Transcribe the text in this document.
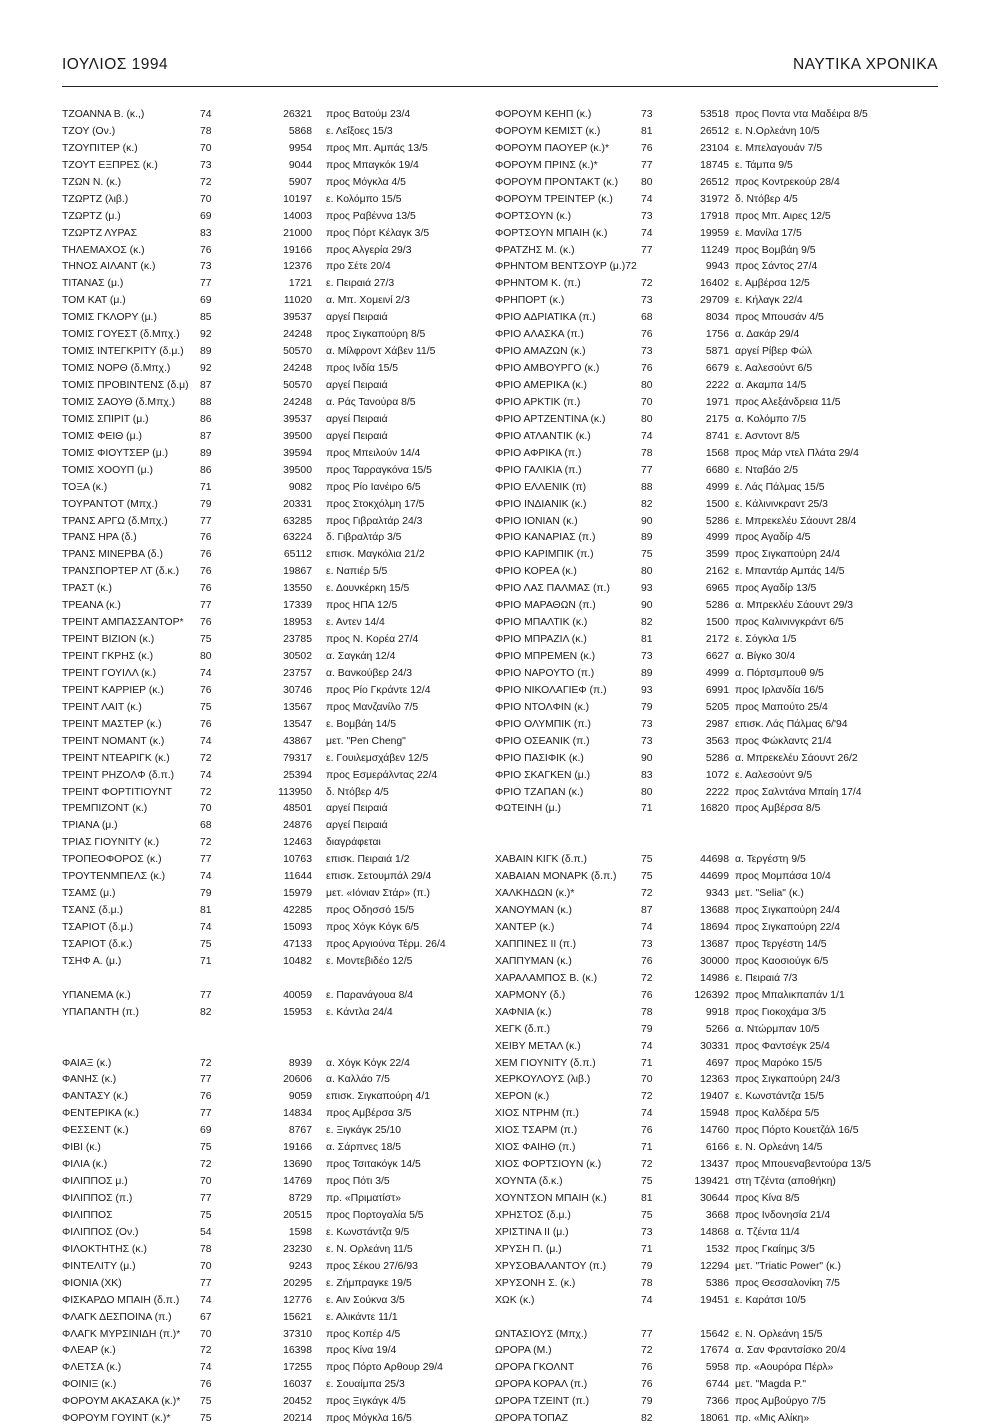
ΙΟΥΛΙΟΣ 1994	ΝΑΥΤΙΚΑ ΧΡΟΝΙΚΑ
ΤΖΟΑΝΝΑ Β. (κ.,)	74	26321 προς Βατούμ 23/4
ΤΖΟΥ (Ον.)	78	5868 ε. Λεΐξοες 15/3
ΤΖΟΥΠΙΤΕΡ (κ.)	70	9954 προς Μπ. Αμπάς 13/5
ΤΖΟΥΤ ΕΞΠΡΕΣ (κ.)	73	9044 προς Μπαγκόκ 19/4
ΤΖΩΝ Ν. (κ.)	72	5907 προς Μόγκλα 4/5
ΤΖΩΡΤΖ (λιβ.)	70	10197 ε. Κολόμπο 15/5
ΤΖΩΡΤΖ (μ.)	69	14003 προς Ραβέννα 13/5
ΤΖΩΡΤΖ ΛΥΡΑΣ	83	21000 προς Πόρτ Κέλαγκ 3/5
ΤΗΛΕΜΑΧΟΣ (κ.)	76	19166 προς Αλγερία 29/3
ΤΗΝΟΣ ΑΙΛΑΝΤ (κ.)	73	12376 προ Σέτε 20/4
ΤΙΤΑΝΑΣ (μ.)	77	1721 ε. Πειραιά 27/3
ΤΟΜ ΚΑΤ (μ.)	69	11020 α. Μπ. Χομεινί 2/3
ΤΟΜΙΣ ΓΚΛΟΡΥ (μ.)	85	39537 αργεί Πειραιά
ΤΟΜΙΣ ΓΟΥΕΣΤ (δ.Μπχ.) 92	24248 προς Σιγκαπούρη 8/5
ΤΟΜΙΣ ΙΝΤΕΓΚΡΙΤΥ (δ.μ.) 89	50570 α. Μίλφροντ Χάβεν 11/5
ΤΟΜΙΣ ΝΟΡΘ (δ.Μπχ.)	92	24248 προς Ινδία 15/5
ΤΟΜΙΣ ΠΡΟΒΙΝΤΕΝΣ (δ.μ) 87	50570 αργεί Πειραιά
ΤΟΜΙΣ ΣΑΟΥΘ (δ.Μπχ.) 88	24248 α. Ράς Τανούρα 8/5
ΤΟΜΙΣ ΣΠΙΡΙΤ (μ.)	86	39537 αργεί Πειραιά
ΤΟΜΙΣ ΦΕΙΘ (μ.)	87	39500 αργεί Πειραιά
ΤΟΜΙΣ ΦΙΟΥΤΣΕΡ (μ.)	89	39594 προς Μπειλούν 14/4
ΤΟΜΙΣ ΧΟΟΥΠ (μ.)	86	39500 προς Ταρραγκόνα 15/5
ΤΟΞΑ (κ.)	71	9082 προς Ρίο Ιανέιρο 6/5
ΤΟΥΡΑΝΤΟΤ (Μπχ.)	79	20331 προς Στοκχόλμη 17/5
ΤΡΑΝΣ ΑΡΓΩ (δ.Μπχ.)	77	63285 προς Γιβραλτάρ 24/3
ΤΡΑΝΣ ΗΡΑ (δ.)	76	63224 δ. Γιβραλτάρ 3/5
ΤΡΑΝΣ ΜΙΝΕΡΒΑ (δ.)	76	65112 επισκ. Μαγκόλια 21/2
ΤΡΑΝΣΠΟΡΤΕΡ ΛΤ (δ.κ.) 76	19867 ε. Ναπιέρ 5/5
ΤΡΑΣΤ (κ.)	76	13550 ε. Δουνκέρκη 15/5
ΤΡΕΑΝΑ (κ.)	77	17339 προς ΗΠΑ 12/5
ΤΡΕΙΝΤ ΑΜΠΑΣΣΑΝΤΟΡ* 76	18953 ε. Αντεν 14/4
ΤΡΕΙΝΤ ΒΙΖΙΟΝ (κ.)	75	23785 προς Ν. Κορέα 27/4
ΤΡΕΙΝΤ ΓΚΡΗΣ (κ.)	80	30502 α. Σαγκάη 12/4
ΤΡΕΙΝΤ ΓΟΥΙΛΛ (κ.)	74	23757 α. Βανκούβερ 24/3
ΤΡΕΙΝΤ ΚΑΡΡΙΕΡ (κ.)	76	30746 προς Ρίο Γκράντε 12/4
ΤΡΕΙΝΤ ΛΑΙΤ (κ.)	75	13567 προς Μανζανίλο 7/5
ΤΡΕΙΝΤ ΜΑΣΤΕΡ (κ.)	76	13547 ε. Βομβάη 14/5
ΤΡΕΙΝΤ ΝΟΜΑΝΤ (κ.)	74	43867 μετ. "Pen Cheng"
ΤΡΕΙΝΤ ΝΤΕΑΡΙΓΚ (κ.)	72	79317 ε. Γουιλεμσχάβεν 12/5
ΤΡΕΙΝΤ ΡΗΖΟΛΦ (δ.π.) 74	25394 προς Εσμεράλντας 22/4
ΤΡΕΙΝΤ ΦΟΡΤΙΤΙΟΥΝΤ	72	113950 δ. Ντόβερ 4/5
ΤΡΕΜΠΙΖΟΝΤ (κ.)	70	48501 αργεί Πειραιά
ΤΡΙΑΝΑ (μ.)	68	24876 αργεί Πειραιά
ΤΡΙΑΣ ΓΙΟΥΝΙΤΥ (κ.)	72	12463 διαγράφεται
ΤΡΟΠΕΟΦΟΡΟΣ (κ.)	77	10763 επισκ. Πειραιά 1/2
ΤΡΟΥΤΕΝΜΠΕΛΣ (κ.)	74	11644 επισκ. Σετουμπάλ 29/4
ΤΣΑΜΣ (μ.)	79	15979 μετ. «Ιόνιαν Στάρ» (π.)
ΤΣΑΝΣ (δ.μ.)	81	42285 προς Οδησσό 15/5
ΤΣΑΡΙΟΤ (δ.μ.)	74	15093 προς Χόγκ Κόγκ 6/5
ΤΣΑΡΙΟΤ (δ.κ.)	75	47133 προς Αργιούνα Τέρμ. 26/4
ΤΣΗΦ Α. (μ.)	71	10482 ε. Μοντεβιδέο 12/5
ΥΠΑΝΕΜΑ (κ.)	77	40059 ε. Παρανάγουα 8/4
ΥΠΑΠΑΝΤΗ (π.)	82	15953 ε. Κάντλα 24/4
ΦΑΙΑΞ (κ.)	72	8939 α. Χόγκ Κόγκ 22/4
ΦΑΝΗΣ (κ.)	77	20606 α. Καλλάο 7/5
ΦΑΝΤΑΣΥ (κ.)	76	9059 επισκ. Σιγκαπούρη 4/1
ΦΕΝΤΕΡΙΚΑ (κ.)	77	14834 προς Αμβέρσα 3/5
ΦΕΣΣΕΝΤ (κ.)	69	8767 ε. Ξιγκάγκ 25/10
ΦΙΒΙ (κ.)	75	19166 α. Σάρπνες 18/5
ΦΙΛΙΑ (κ.)	72	13690 προς Τσιτακόγκ 14/5
ΦΙΛΙΠΠΟΣ μ.)	70	14769 προς Πότι 3/5
ΦΙΛΙΠΠΟΣ (π.)	77	8729 πρ. «Πριματίστ»
ΦΙΛΙΠΠΟΣ	75	20515 προς Πορτογαλία 5/5
ΦΙΛΙΠΠΟΣ (Ον.)	54	1598 ε. Κωνστάντζα 9/5
ΦΙΛΟΚΤΗΤΗΣ (κ.)	78	23230 ε. Ν. Ορλεάνη 11/5
ΦΙΝΤΕΛΙΤΥ (μ.)	70	9243 προς Σέκου 27/6/93
ΦΙΟΝΙΑ (ΧΚ)	77	20295 ε. Ζήμπραγκε 19/5
ΦΙΣΚΑΡΔΟ ΜΠΑΙΗ (δ.π.) 74	12776 ε. Αιν Σούκνα 3/5
ΦΛΑΓΚ ΔΕΣΠΟΙΝΑ (π.)	67	15621 ε. Αλικάντε 11/1
ΦΛΑΓΚ ΜΥΡΣΙΝΙΔΗ (π.)* 70	37310 προς Κοπέρ 4/5
ΦΛΕΑΡ (κ.)	72	16398 προς Κίνα 19/4
ΦΛΕΤΣΑ (κ.)	74	17255 προς Πόρτο Αρθουρ 29/4
ΦΟΙΝΙΞ (κ.)	76	16037 ε. Σουαίμπα 25/3
ΦΟΡΟΥΜ ΑΚΑΣΑΚΑ (κ.)* 75	20452 προς Ξιγκάγκ 4/5
ΦΟΡΟΥΜ ΓΟΥΙΝΤ (κ.)*	75	20214 προς Μόγκλα 16/5
ΦΟΡΟΥΜ ΚΕΗΠ (κ.)	73	53518 προς Ποντα ντα Μαδέιρα 8/5
ΦΟΡΟΥΜ ΚΕΜΙΣΤ (κ.)	81	26512 ε. Ν.Ορλεάνη 10/5
ΦΟΡΟΥΜ ΠΑΟΥΕΡ (κ.)*	76	23104 ε. Μπελαγουάν 7/5
ΦΟΡΟΥΜ ΠΡΙΝΣ (κ.)*	77	18745 ε. Τάμπα 9/5
ΦΟΡΟΥΜ ΠΡΟΝΤΑΚΤ (κ.) 80	26512 προς Κοντρεκούρ 28/4
ΦΟΡΟΥΜ ΤΡΕΙΝΤΕΡ (κ.)	74	31972 δ. Ντόβερ 4/5
ΦΟΡΤΣΟΥΝ (κ.)	73	17918 προς Μπ. Αιρες 12/5
ΦΟΡΤΣΟΥΝ ΜΠΑΙΗ (κ.)	74	19959 ε. Μανίλα 17/5
ΦΡΑΤΖΗΣ Μ. (κ.)	77	11249 προς Βομβάη 9/5
ΦΡΗΝΤΟΜ ΒΕΝΤΣΟΥΡ (μ.)72	9943 προς Σάντος 27/4
ΦΡΗΝΤΟΜ Κ. (π.)	72	16402 ε. Αμβέρσα 12/5
ΦΡΗΠΟΡΤ (κ.)	73	29709 ε. Κήλαγκ 22/4
ΦΡΙΟ ΑΔΡΙΑΤΙΚΑ (π.)	68	8034 προς Μπουσάν 4/5
ΦΡΙΟ ΑΛΑΣΚΑ (π.)	76	1756 α. Δακάρ 29/4
ΦΡΙΟ ΑΜΑΖΩΝ (κ.)	73	5871 αργεί Ρίβερ Φώλ
ΦΡΙΟ ΑΜΒΟΥΡΓΟ (κ.)	76	6679 ε. Ααλεσούντ 6/5
ΦΡΙΟ ΑΜΕΡΙΚΑ (κ.)	80	2222 α. Ακαμπα 14/5
ΦΡΙΟ ΑΡΚΤΙΚ (π.)	70	1971 προς Αλεξάνδρεια 11/5
ΦΡΙΟ ΑΡΤΖΕΝΤΙΝΑ (κ.)	80	2175 α. Κολόμπο 7/5
ΦΡΙΟ ΑΤΛΑΝΤΙΚ (κ.)	74	8741 ε. Ασντοντ 8/5
ΦΡΙΟ ΑΦΡΙΚΑ (π.)	78	1568 προς Μάρ ντελ Πλάτα 29/4
ΦΡΙΟ ΓΑΛΙΚΙΑ (π.)	77	6680 ε. Νταβάο 2/5
ΦΡΙΟ ΕΛΛΕΝΙΚ (π)	88	4999 ε. Λάς Πάλμας 15/5
ΦΡΙΟ ΙΝΔΙΑΝΙΚ (κ.)	82	1500 ε. Κάλινινκραντ 25/3
ΦΡΙΟ ΙΟΝΙΑΝ (κ.)	90	5286 ε. Μπρεκελέυ Σάουντ 28/4
ΦΡΙΟ ΚΑΝΑΡΙΑΣ (π.)	89	4999 προς Αγαδίρ 4/5
ΦΡΙΟ ΚΑΡΙΜΠΙΚ (π.)	75	3599 προς Σιγκαπούρη 24/4
ΦΡΙΟ ΚΟΡΕΑ (κ.)	80	2162 ε. Μπαντάρ Αμπάς 14/5
ΦΡΙΟ ΛΑΣ ΠΑΛΜΑΣ (π.)	93	6965 προς Αγαδίρ 13/5
ΦΡΙΟ ΜΑΡΑΘΩΝ (π.)	90	5286 α. Μπρεκλέυ Σάουντ 29/3
ΦΡΙΟ ΜΠΑΛΤΙΚ (κ.)	82	1500 προς Καλινινγκράντ 6/5
ΦΡΙΟ ΜΠΡΑΖΙΛ (κ.)	81	2172 ε. Σόγκλα 1/5
ΦΡΙΟ ΜΠΡΕΜΕΝ (κ.)	73	6627 α. Βίγκο 30/4
ΦΡΙΟ ΝΑΡΟΥΤΟ (π.)	89	4999 α. Πόρτσμπουθ 9/5
ΦΡΙΟ ΝΙΚΟΛΑΓΙΕΦ (π.)	93	6991 προς Ιρλανδία 16/5
ΦΡΙΟ ΝΤΟΛΦΙΝ (κ.)	79	5205 προς Μαπούτο 25/4
ΦΡΙΟ ΟΛΥΜΠΙΚ (π.)	73	2987 επισκ. Λάς Πάλμας 6/'94
ΦΡΙΟ ΟΣΕΑΝΙΚ (π.)	73	3563 προς Φώκλαντς 21/4
ΦΡΙΟ ΠΑΣΙΦΙΚ (κ.)	90	5286 α. Μπρεκελέυ Σάουντ 26/2
ΦΡΙΟ ΣΚΑΓΚΕΝ (μ.)	83	1072 ε. Ααλεσούντ 9/5
ΦΡΙΟ ΤΖΑΠΑΝ (κ.)	80	2222 προς Σαλντάνα Μπαίη 17/4
ΦΩΤΕΙΝΗ (μ.)	71	16820 προς Αμβέρσα 8/5
ΧΑΒΑΙΝ ΚΙΓΚ (δ.π.)	75	44698 α. Τεργέστη 9/5
ΧΑΒΑΙΑΝ ΜΟΝΑΡΚ (δ.π.) 75	44699 προς Μομπάσα 10/4
ΧΑΛΚΗΔΩΝ (κ.)*	72	9343 μετ. "Selia" (κ.)
ΧΑΝΟΥΜΑΝ (κ.)	87	13688 προς Σιγκαπούρη 24/4
ΧΑΝΤΕΡ (κ.)	74	18694 προς Σιγκαπούρη 22/4
ΧΑΠΠΙΝΕΣ II (π.)	73	13687 προς Τεργέστη 14/5
ΧΑΠΠΥΜΑΝ (κ.)	76	30000 προς Καοσιούγκ 6/5
ΧΑΡΑΛΑΜΠΟΣ Β. (κ.)	72	14986 ε. Πειραιά 7/3
ΧΑΡΜΟΝΥ (δ.)	76	126392 προς Μπαλικπαπάν 1/1
ΧΑΦΝΙΑ (κ.)	78	9918 προς Γιοκοχάμα 3/5
ΧΕΓΚ (δ.π.)	79	5266 α. Ντώρμπαν 10/5
ΧΕΙΒΥ ΜΕΤΑΛ (κ.)	74	30331 προς Φαντσέγκ 25/4
ΧΕΜ ΓΙΟΥΝΙΤΥ (δ.π.)	71	4697 προς Μαρόκο 15/5
ΧΕΡΚΟΥΛΟΥΣ (λιβ.)	70	12363 προς Σιγκαπούρη 24/3
ΧΕΡΟΝ (κ.)	72	19407 ε. Κωνστάντζα 15/5
ΧΙΟΣ ΝΤΡΗΜ (π.)	74	15948 προς Καλδέρα 5/5
ΧΙΟΣ ΤΣΑΡΜ (π.)	76	14760 προς Πόρτο Κουετζάλ 16/5
ΧΙΟΣ ΦΑΙΗΘ (π.)	71	6166 ε. Ν. Ορλεάνη 14/5
ΧΙΟΣ ΦΟΡΤΣΙΟΥΝ (κ.)	72	13437 προς Μπουεναβεντούρα 13/5
ΧΟΥΝΤΑ (δ.κ.)	75	139421 στη Τζέντα (αποθήκη)
ΧΟΥΝΤΣΟΝ ΜΠΑΙΗ (κ.)	81	30644 προς Κίνα 8/5
ΧΡΗΣΤΟΣ (δ.μ.)	75	3668 προς Ινδονησία 21/4
ΧΡΙΣΤΙΝΑ II (μ.)	73	14868 α. Τζέντα 11/4
ΧΡΥΣΗ Π. (μ.)	71	1532 προς Γκαίημς 3/5
ΧΡΥΣΟΒΑΛΑΝΤΟΥ (π.)	79	12294 μετ. "Triatic Power" (κ.)
ΧΡΥΣΟΝΗ Σ. (κ.)	78	5386 προς Θεσσαλονίκη 7/5
ΧΩΚ (κ.)	74	19451 ε. Καράτσι 10/5
ΩΝΤΑΣΙΟΥΣ (Μπχ.)	77	15642 ε. Ν. Ορλεάνη 15/5
ΩΡΟΡΑ (Μ.)	72	17674 α. Σαν Φραντσίσκο 20/4
ΩΡΟΡΑ ΓΚΟΛΝΤ	76	5958 πρ. «Αουρόρα Πέρλ»
ΩΡΟΡΑ ΚΟΡΑΛ (π.)	76	6744 μετ. "Magda P."
ΩΡΟΡΑ ΤΖΕΙΝΤ (π.)	79	7366 προς Αμβούργο 7/5
ΩΡΟΡΑ ΤΟΠΑΖ	82	18061 πρ. «Μις Αλίκη»
